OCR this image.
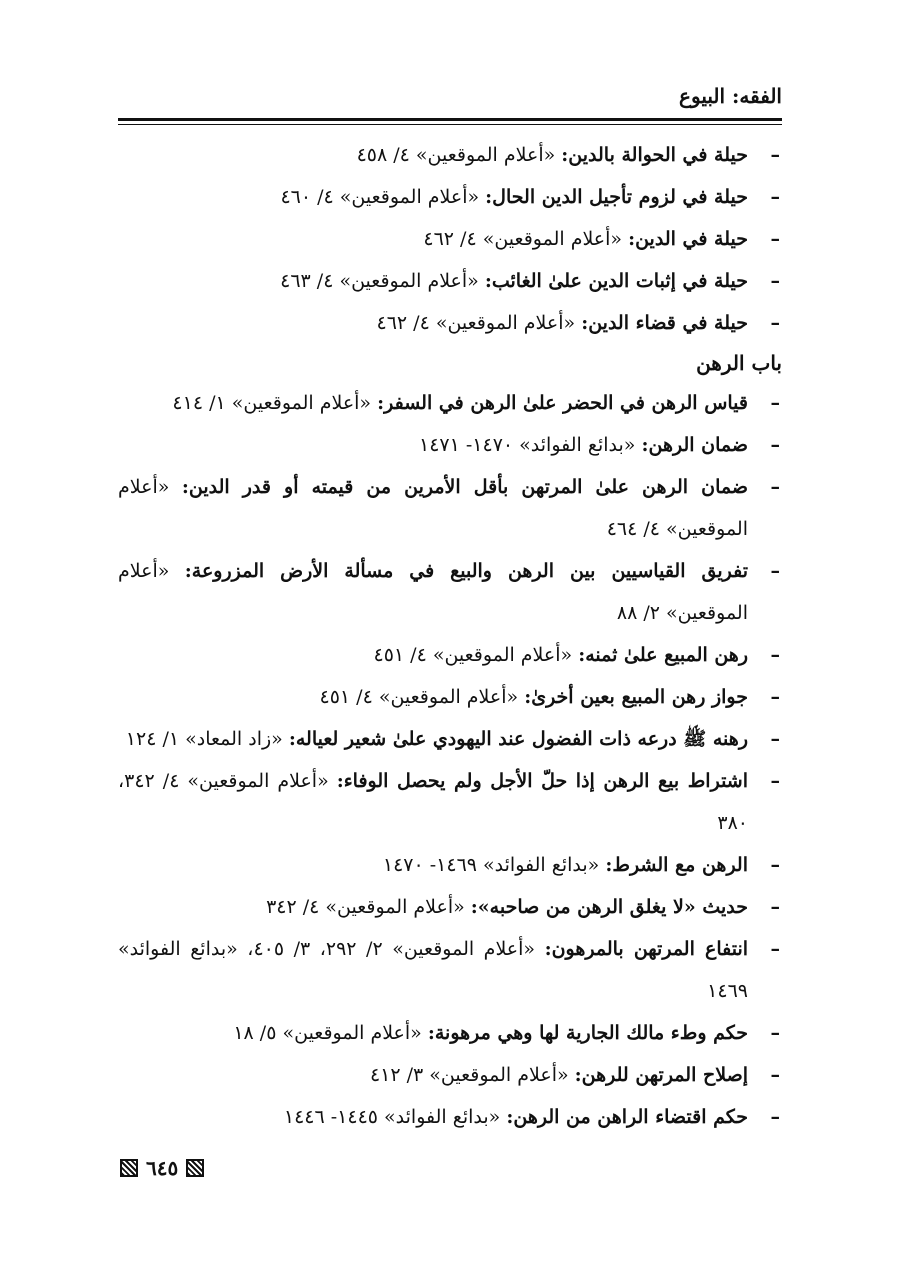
الفقه: البيوع
–
حيلة في الحوالة بالدين: «أعلام الموقعين» ٤/ ٤٥٨
–
حيلة في لزوم تأجيل الدين الحال: «أعلام الموقعين» ٤/ ٤٦٠
–
حيلة في الدين: «أعلام الموقعين» ٤/ ٤٦٢
–
حيلة في إثبات الدين علىٰ الغائب: «أعلام الموقعين» ٤/ ٤٦٣
–
حيلة في قضاء الدين: «أعلام الموقعين» ٤/ ٤٦٢
باب الرهن
–
قياس الرهن في الحضر علىٰ الرهن في السفر: «أعلام الموقعين» ١/ ٤١٤
–
ضمان الرهن: «بدائع الفوائد» ١٤٧٠- ١٤٧١
–
ضمان الرهن علىٰ المرتهن بأقل الأمرين من قيمته أو قدر الدين: «أعلام الموقعين» ٤/ ٤٦٤
–
تفريق القياسيين بين الرهن والبيع في مسألة الأرض المزروعة: «أعلام الموقعين» ٢/ ٨٨
–
رهن المبيع علىٰ ثمنه: «أعلام الموقعين» ٤/ ٤٥١
–
جواز رهن المبيع بعين أخرىٰ: «أعلام الموقعين» ٤/ ٤٥١
–
رهنه ﷺ درعه ذات الفضول عند اليهودي علىٰ شعير لعياله: «زاد المعاد» ١/ ١٢٤
–
اشتراط بيع الرهن إذا حلّ الأجل ولم يحصل الوفاء: «أعلام الموقعين» ٤/ ٣٤٢، ٣٨٠
–
الرهن مع الشرط: «بدائع الفوائد» ١٤٦٩- ١٤٧٠
–
حديث «لا يغلق الرهن من صاحبه»: «أعلام الموقعين» ٤/ ٣٤٢
–
انتفاع المرتهن بالمرهون: «أعلام الموقعين» ٢/ ٢٩٢، ٣/ ٤٠٥، «بدائع الفوائد» ١٤٦٩
–
حكم وطء مالك الجارية لها وهي مرهونة: «أعلام الموقعين» ٥/ ١٨
–
إصلاح المرتهن للرهن: «أعلام الموقعين» ٣/ ٤١٢
–
حكم اقتضاء الراهن من الرهن: «بدائع الفوائد» ١٤٤٥- ١٤٤٦
٦٤٥
